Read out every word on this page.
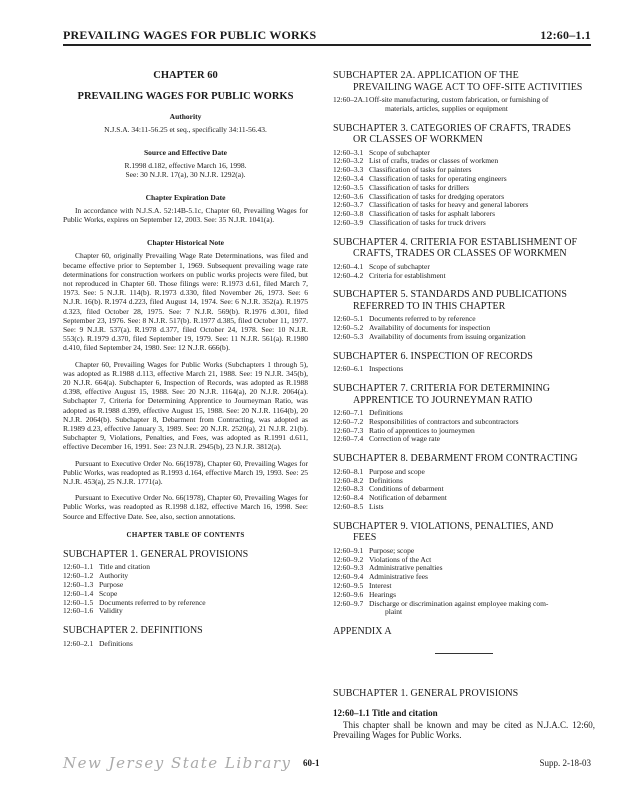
PREVAILING WAGES FOR PUBLIC WORKS	12:60–1.1
CHAPTER 60
PREVAILING WAGES FOR PUBLIC WORKS
Authority
N.J.S.A. 34:11-56.25 et seq., specifically 34:11-56.43.
Source and Effective Date
R.1998 d.182, effective March 16, 1998.
See: 30 N.J.R. 17(a), 30 N.J.R. 1292(a).
Chapter Expiration Date

In accordance with N.J.S.A. 52:14B-5.1c, Chapter 60, Prevailing Wages for Public Works, expires on September 12, 2003. See: 35 N.J.R. 1041(a).

Chapter Historical Note

Chapter 60, originally Prevailing Wage Rate Determinations, was filed and became effective prior to September 1, 1969. Subsequent prevailing wage rate determinations for construction workers on public works projects were filed, but not reproduced in Chapter 60. Those filings were: R.1973 d.61, filed March 7, 1973. See: 5 N.J.R. 114(b). R.1973 d.330, filed November 26, 1973. See: 6 N.J.R. 16(b). R.1974 d.223, filed August 14, 1974. See: 6 N.J.R. 352(a). R.1975 d.323, filed October 28, 1975. See: 7 N.J.R. 569(b). R.1976 d.301, filed September 23, 1976. See: 8 N.J.R. 517(b). R.1977 d.385, filed October 11, 1977. See: 9 N.J.R. 537(a). R.1978 d.377, filed October 24, 1978. See: 10 N.J.R. 553(c). R.1979 d.370, filed September 19, 1979. See: 11 N.J.R. 561(a). R.1980 d.410, filed September 24, 1980. See: 12 N.J.R. 666(b).

Chapter 60, Prevailing Wages for Public Works (Subchapters 1 through 5), was adopted as R.1988 d.113, effective March 21, 1988. See: 19 N.J.R. 345(b), 20 N.J.R. 664(a). Subchapter 6, Inspection of Records, was adopted as R.1988 d.398, effective August 15, 1988. See: 20 N.J.R. 1164(a), 20 N.J.R. 2064(a). Subchapter 7, Criteria for Determining Apprentice to Journeyman Ratio, was adopted as R.1988 d.399, effective August 15, 1988. See: 20 N.J.R. 1164(b), 20 N.J.R. 2064(b). Subchapter 8, Debarment from Contracting, was adopted as R.1989 d.23, effective January 3, 1989. See: 20 N.J.R. 2520(a), 21 N.J.R. 21(b). Subchapter 9, Violations, Penalties, and Fees, was adopted as R.1991 d.611, effective December 16, 1991. See: 23 N.J.R. 2945(b), 23 N.J.R. 3812(a).

Pursuant to Executive Order No. 66(1978), Chapter 60, Prevailing Wages for Public Works, was readopted as R.1993 d.164, effective March 19, 1993. See: 25 N.J.R. 453(a), 25 N.J.R. 1771(a).

Pursuant to Executive Order No. 66(1978), Chapter 60, Prevailing Wages for Public Works, was readopted as R.1998 d.182, effective March 16, 1998. See: Source and Effective Date. See, also, section annotations.

CHAPTER TABLE OF CONTENTS
SUBCHAPTER 1. GENERAL PROVISIONS
12:60–1.1 Title and citation
12:60–1.2 Authority
12:60–1.3 Purpose
12:60–1.4 Scope
12:60–1.5 Documents referred to by reference
12:60–1.6 Validity
SUBCHAPTER 2. DEFINITIONS
12:60–2.1 Definitions
SUBCHAPTER 2A. APPLICATION OF THE
PREVAILING WAGE ACT TO OFF-SITE ACTIVITIES
12:60–2A.1 Off-site manufacturing, custom fabrication, or furnishing of
materials, articles, supplies or equipment
SUBCHAPTER 3. CATEGORIES OF CRAFTS, TRADES
OR CLASSES OF WORKMEN
12:60–3.1 Scope of subchapter
12:60–3.2 List of crafts, trades or classes of workmen
12:60–3.3 Classification of tasks for painters
12:60–3.4 Classification of tasks for operating engineers
12:60–3.5 Classification of tasks for drillers
12:60–3.6 Classification of tasks for dredging operators
12:60–3.7 Classification of tasks for heavy and general laborers
12:60–3.8 Classification of tasks for asphalt laborers
12:60–3.9 Classification of tasks for truck drivers
SUBCHAPTER 4. CRITERIA FOR ESTABLISHMENT OF
CRAFTS, TRADES OR CLASSES OF WORKMEN
12:60–4.1 Scope of subchapter
12:60–4.2 Criteria for establishment
SUBCHAPTER 5. STANDARDS AND PUBLICATIONS
REFERRED TO IN THIS CHAPTER
12:60–5.1 Documents referred to by reference
12:60–5.2 Availability of documents for inspection
12:60–5.3 Availability of documents from issuing organization
SUBCHAPTER 6. INSPECTION OF RECORDS
12:60–6.1 Inspections
SUBCHAPTER 7. CRITERIA FOR DETERMINING
APPRENTICE TO JOURNEYMAN RATIO
12:60–7.1 Definitions
12:60–7.2 Responsibilities of contractors and subcontractors
12:60–7.3 Ratio of apprentices to journeymen
12:60–7.4 Correction of wage rate
SUBCHAPTER 8. DEBARMENT FROM CONTRACTING
12:60–8.1 Purpose and scope
12:60–8.2 Definitions
12:60–8.3 Conditions of debarment
12:60–8.4 Notification of debarment
12:60–8.5 Lists
SUBCHAPTER 9. VIOLATIONS, PENALTIES, AND
FEES
12:60–9.1 Purpose; scope
12:60–9.2 Violations of the Act
12:60–9.3 Administrative penalties
12:60–9.4 Administrative fees
12:60–9.5 Interest
12:60–9.6 Hearings
12:60–9.7 Discharge or discrimination against employee making com-
plaint
APPENDIX A
SUBCHAPTER 1. GENERAL PROVISIONS
12:60–1.1 Title and citation

This chapter shall be known and may be cited as N.J.A.C. 12:60, Prevailing Wages for Public Works.

New Jersey State Library 60-1	Supp. 2-18-03
